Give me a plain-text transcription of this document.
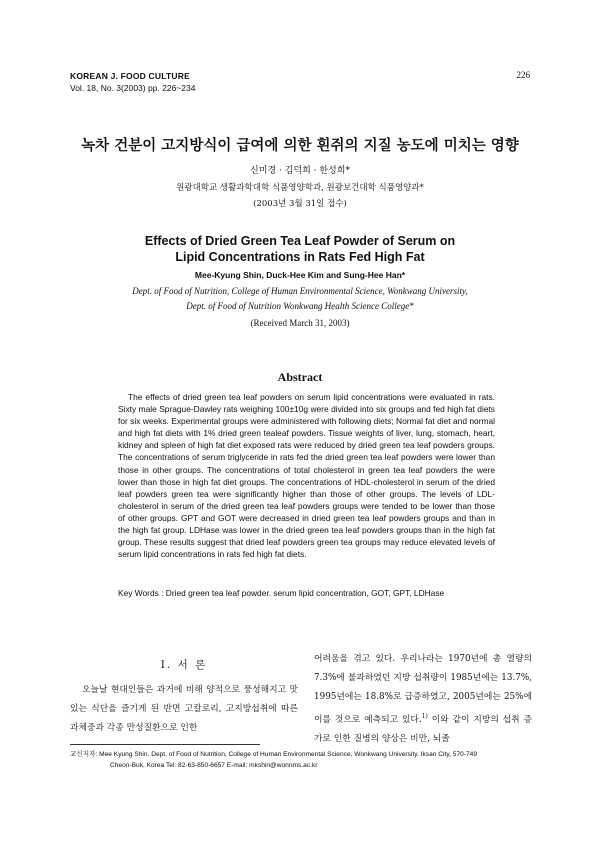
KOREAN J. FOOD CULTURE
Vol. 18, No. 3(2003) pp. 226~234
226
녹차 건분이 고지방식이 급여에 의한 흰쥐의 지질 농도에 미치는 영향
신미경 · 김덕희 · 한성희*
원광대학교 생활과학대학 식품영양학과, 원광보건대학 식품영양과*
(2003년 3월 31일 접수)
Effects of Dried Green Tea Leaf Powder of Serum on
Lipid Concentrations in Rats Fed High Fat
Mee-Kyung Shin, Duck-Hee Kim and Sung-Hee Han*
Dept. of Food of Nutrition, College of Human Environmental Science, Wonkwang University,
Dept. of Food of Nutrition Wonkwang Health Science College*
(Received March 31, 2003)
Abstract

The effects of dried green tea leaf powders on serum lipid concentrations were evaluated in rats. Sixty male Sprague-Dawley rats weighing 100±10g were divided into six groups and fed high fat diets for six weeks. Experimental groups were administered with following diets; Normal fat diet and normal and high fat diets with 1% dried green tealeaf powders. Tissue weights of liver, lung, stomach, heart, kidney and spleen of high fat diet exposed rats were reduced by dried green tea leaf powders groups. The concentrations of serum triglyceride in rats fed the dried green tea leaf powders were lower than those in other groups. The concentrations of total cholesterol in green tea leaf powders the were lower than those in high fat diet groups. The concentrations of HDL-cholesterol in serum of the dried leaf powders green tea were significantly higher than those of other groups. The levels of LDL-cholesterol in serum of the dried green tea leaf powders groups were tended to be lower than those of other groups. GPT and GOT were decreased in dried green tea leaf powders groups and than in the high fat group. LDHase was lower in the dried green tea leaf powders groups than in the high fat group. These results suggest that dried leaf powders green tea groups may reduce elevated levels of serum lipid concentrations in rats fed high fat diets.

Key Words : Dried green tea leaf powder. serum lipid concentration, GOT, GPT, LDHase
I. 서 론

오늘날 현대인들은 과거에 비해 양적으로 풍성해지고 맛있는 식단을 즐기게 된 반면 고칼로리, 고지방섭취에 따른 과체중과 각종 만성질환으로 인한

어려움을 겪고 있다. 우리나라는 1970년에 총 열량의 7.3%에 불과하였던 지방 섭취량이 1985년에는 13.7%, 1995년에는 18.8%로 급증하였고, 2005년에는 25%에 이를 것으로 예측되고 있다.$^{1)}$ 이와 같이 지방의 섭취 증가로 인한 질병의 양상은 비만, 뇌졸

교신저자: Mee Kyung Shin. Dept. of Food of Nutrition, College of Human Environmental Science, Wonkwang University. Iksan City, 570-749
Cheon-Buk, Korea Tel: 82-63-850-6657 E-mail: mkshin@wonnms.ac.kr
